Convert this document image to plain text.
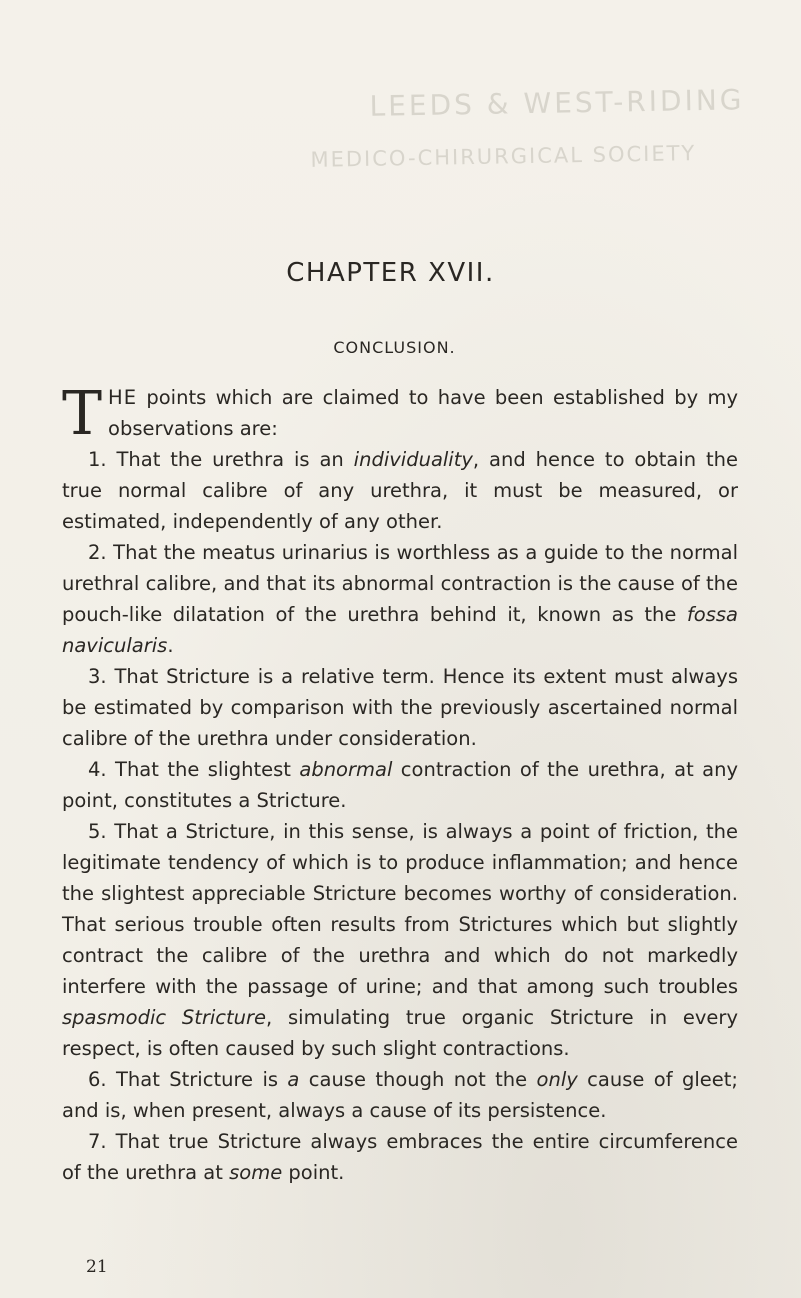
LEEDS & WEST-RIDING
MEDICO-CHIRURGICAL SOCIETY
CHAPTER XVII.
CONCLUSION.

THE points which are claimed to have been established by my observations are:

1. That the urethra is an individuality, and hence to obtain the true normal calibre of any urethra, it must be measured, or estimated, independently of any other.

2. That the meatus urinarius is worthless as a guide to the normal urethral calibre, and that its abnormal contraction is the cause of the pouch-like dilatation of the urethra behind it, known as the fossa navicularis.

3. That Stricture is a relative term. Hence its extent must always be estimated by comparison with the previously ascertained normal calibre of the urethra under consideration.

4. That the slightest abnormal contraction of the urethra, at any point, constitutes a Stricture.

5. That a Stricture, in this sense, is always a point of friction, the legitimate tendency of which is to produce inflammation; and hence the slightest appreciable Stricture becomes worthy of consideration. That serious trouble often results from Strictures which but slightly contract the calibre of the urethra and which do not markedly interfere with the passage of urine; and that among such troubles spasmodic Stricture, simulating true organic Stricture in every respect, is often caused by such slight contractions.

6. That Stricture is a cause though not the only cause of gleet; and is, when present, always a cause of its persistence.

7. That true Stricture always embraces the entire circumference of the urethra at some point.

21
